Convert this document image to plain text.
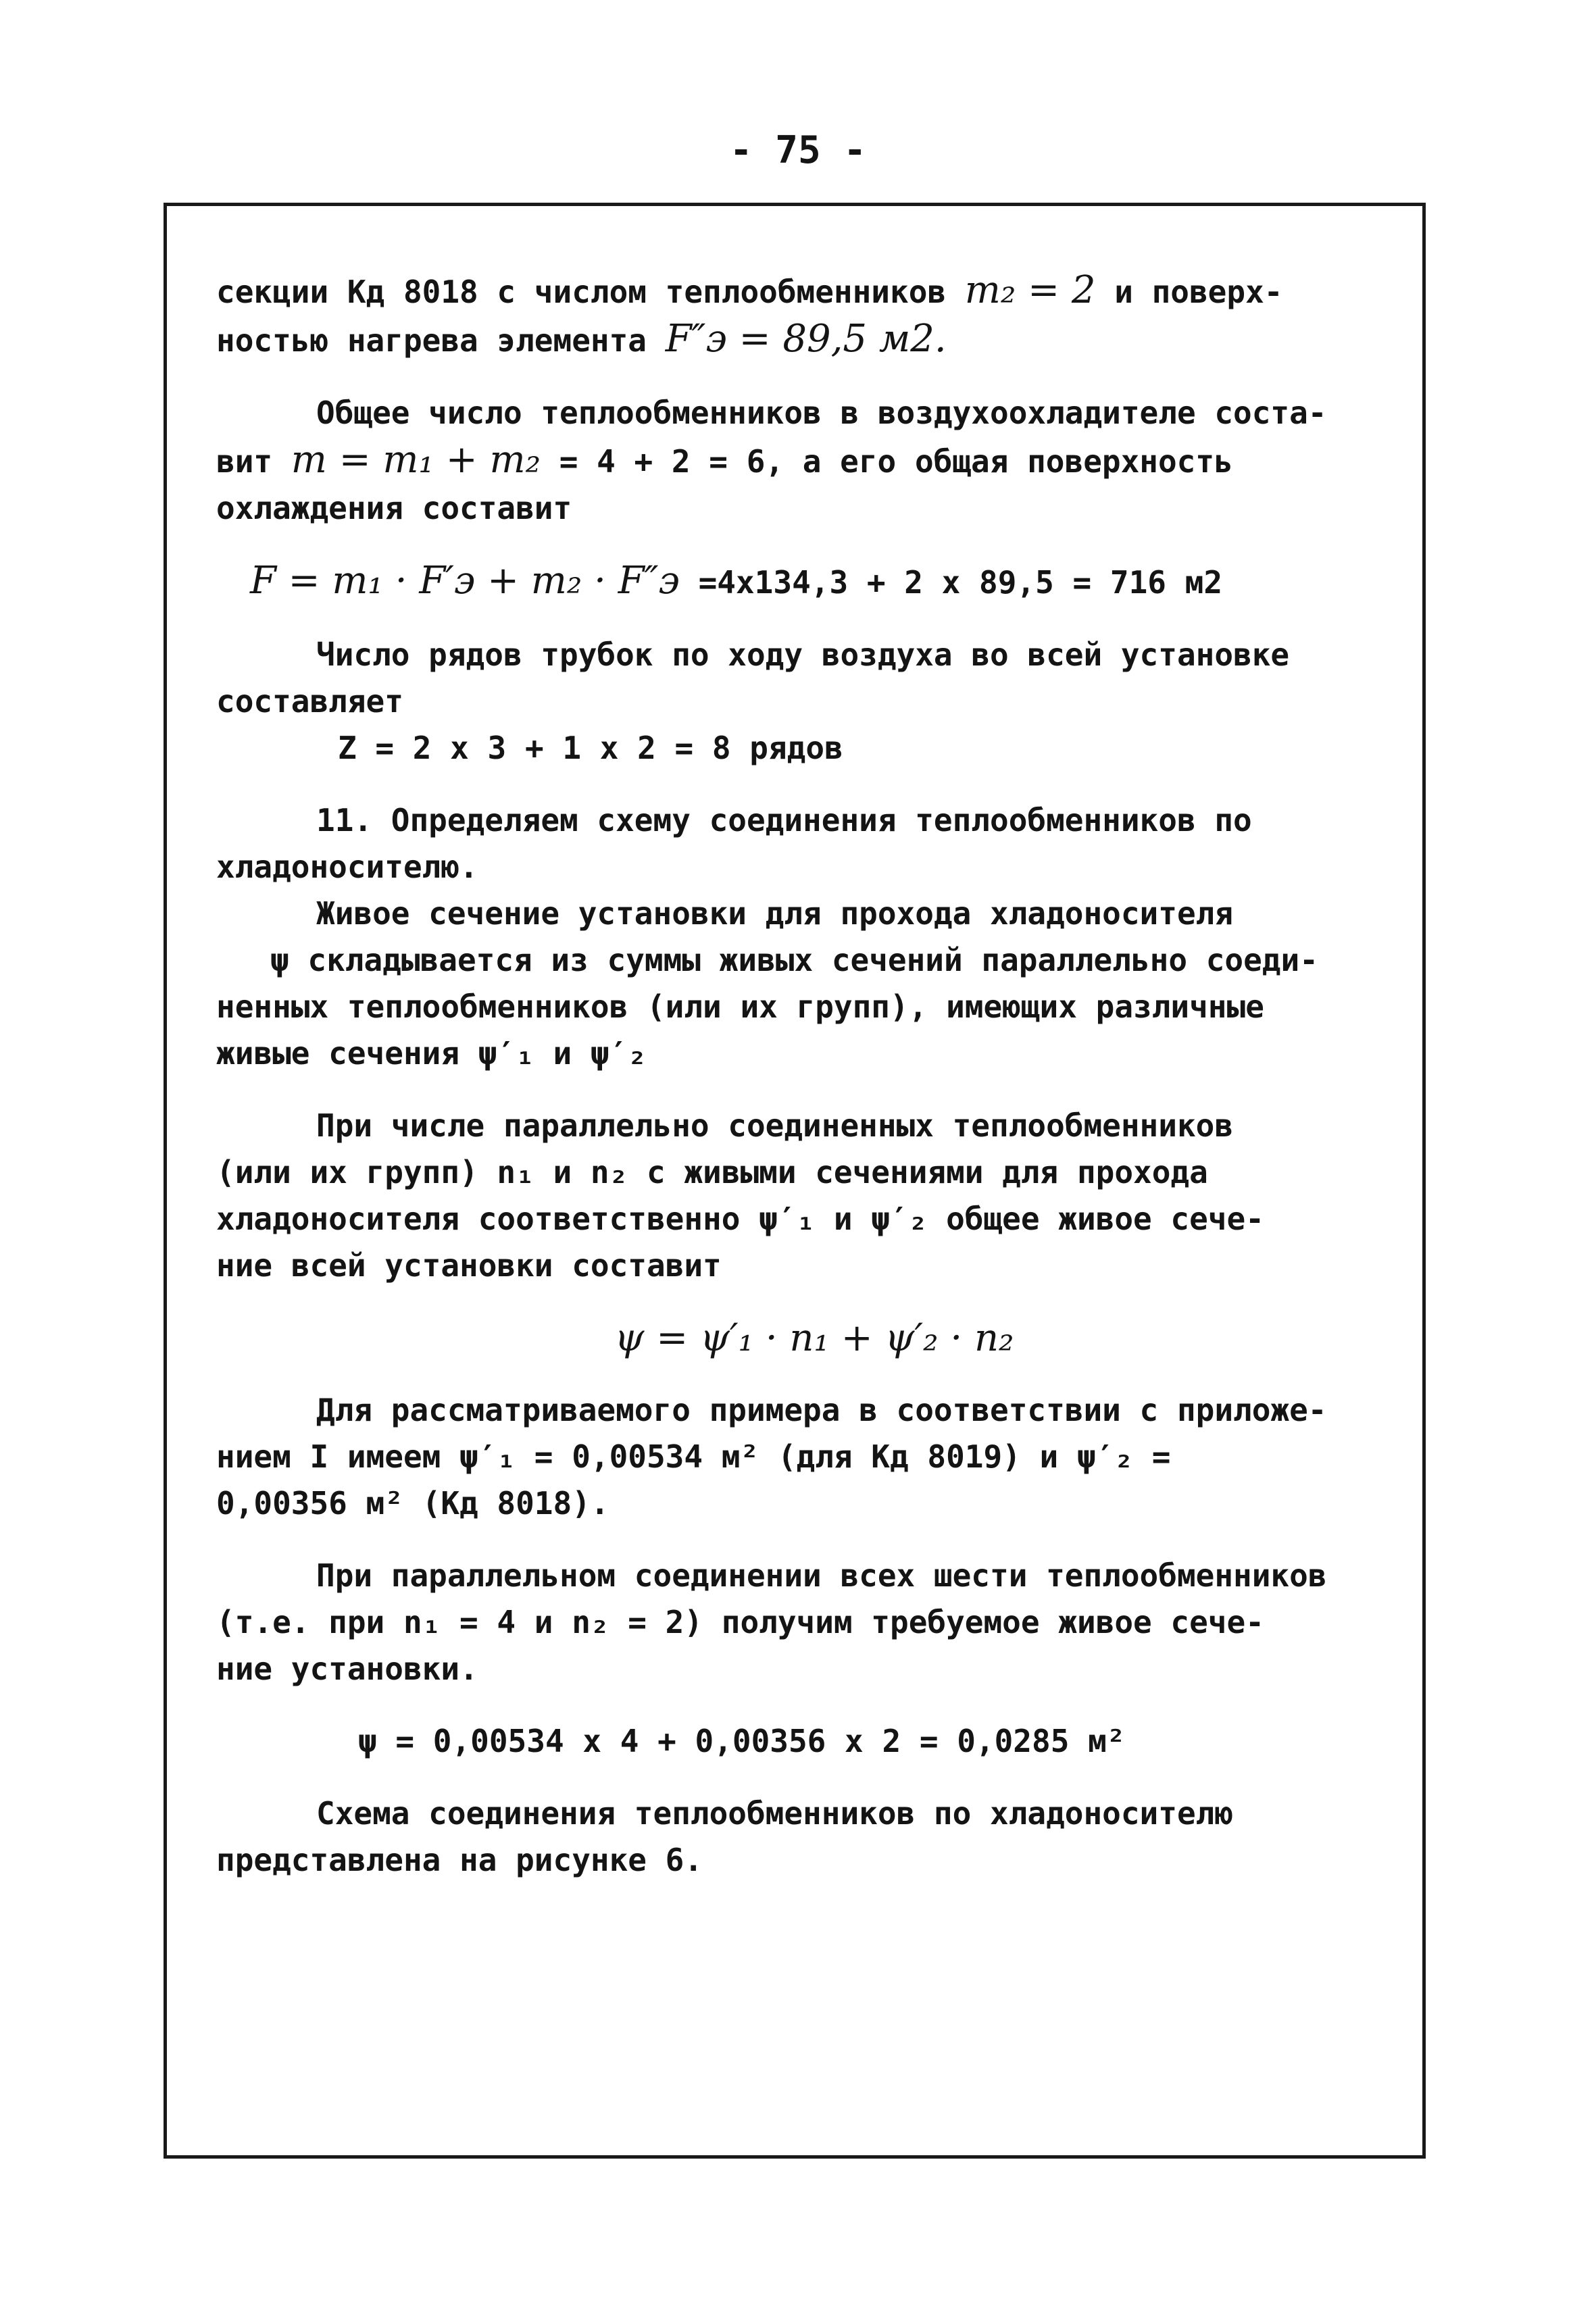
- 75 -

секции Кд 8018 с числом теплообменников m₂ = 2 и поверх-

ностью нагрева элемента F″э = 89,5 м2.

Общее число теплообменников в воздухоохладителе соста-

вит m = m₁ + m₂ = 4 + 2 = 6, а его общая поверхность

охлаждения составит

F = m₁ · F′э + m₂ · F″э =4x134,3 + 2 x 89,5 = 716 м2

Число рядов трубок по ходу воздуха во всей установке

составляет

Z = 2 x 3 + 1 x 2 = 8 рядов

11. Определяем схему соединения теплообменников по

хладоносителю.

Живое сечение установки для прохода хладоносителя

ψ складывается из суммы живых сечений параллельно соеди-

ненных теплообменников (или их групп), имеющих различные

живые сечения ψ′₁ и ψ′₂

При числе параллельно соединенных теплообменников

(или их групп) n₁ и n₂ с живыми сечениями для прохода

хладоносителя соответственно ψ′₁ и ψ′₂ общее живое сече-

ние всей установки составит

ψ = ψ′₁ · n₁ + ψ′₂ · n₂

Для рассматриваемого примера в соответствии с приложе-

нием I имеем ψ′₁ = 0,00534 м² (для Кд 8019) и ψ′₂ =

0,00356 м² (Кд 8018).

При параллельном соединении всех шести теплообменников

(т.е. при n₁ = 4 и n₂ = 2) получим требуемое живое сече-

ние установки.

ψ = 0,00534 x 4 + 0,00356 x 2 = 0,0285 м²

Схема соединения теплообменников по хладоносителю

представлена на рисунке 6.
